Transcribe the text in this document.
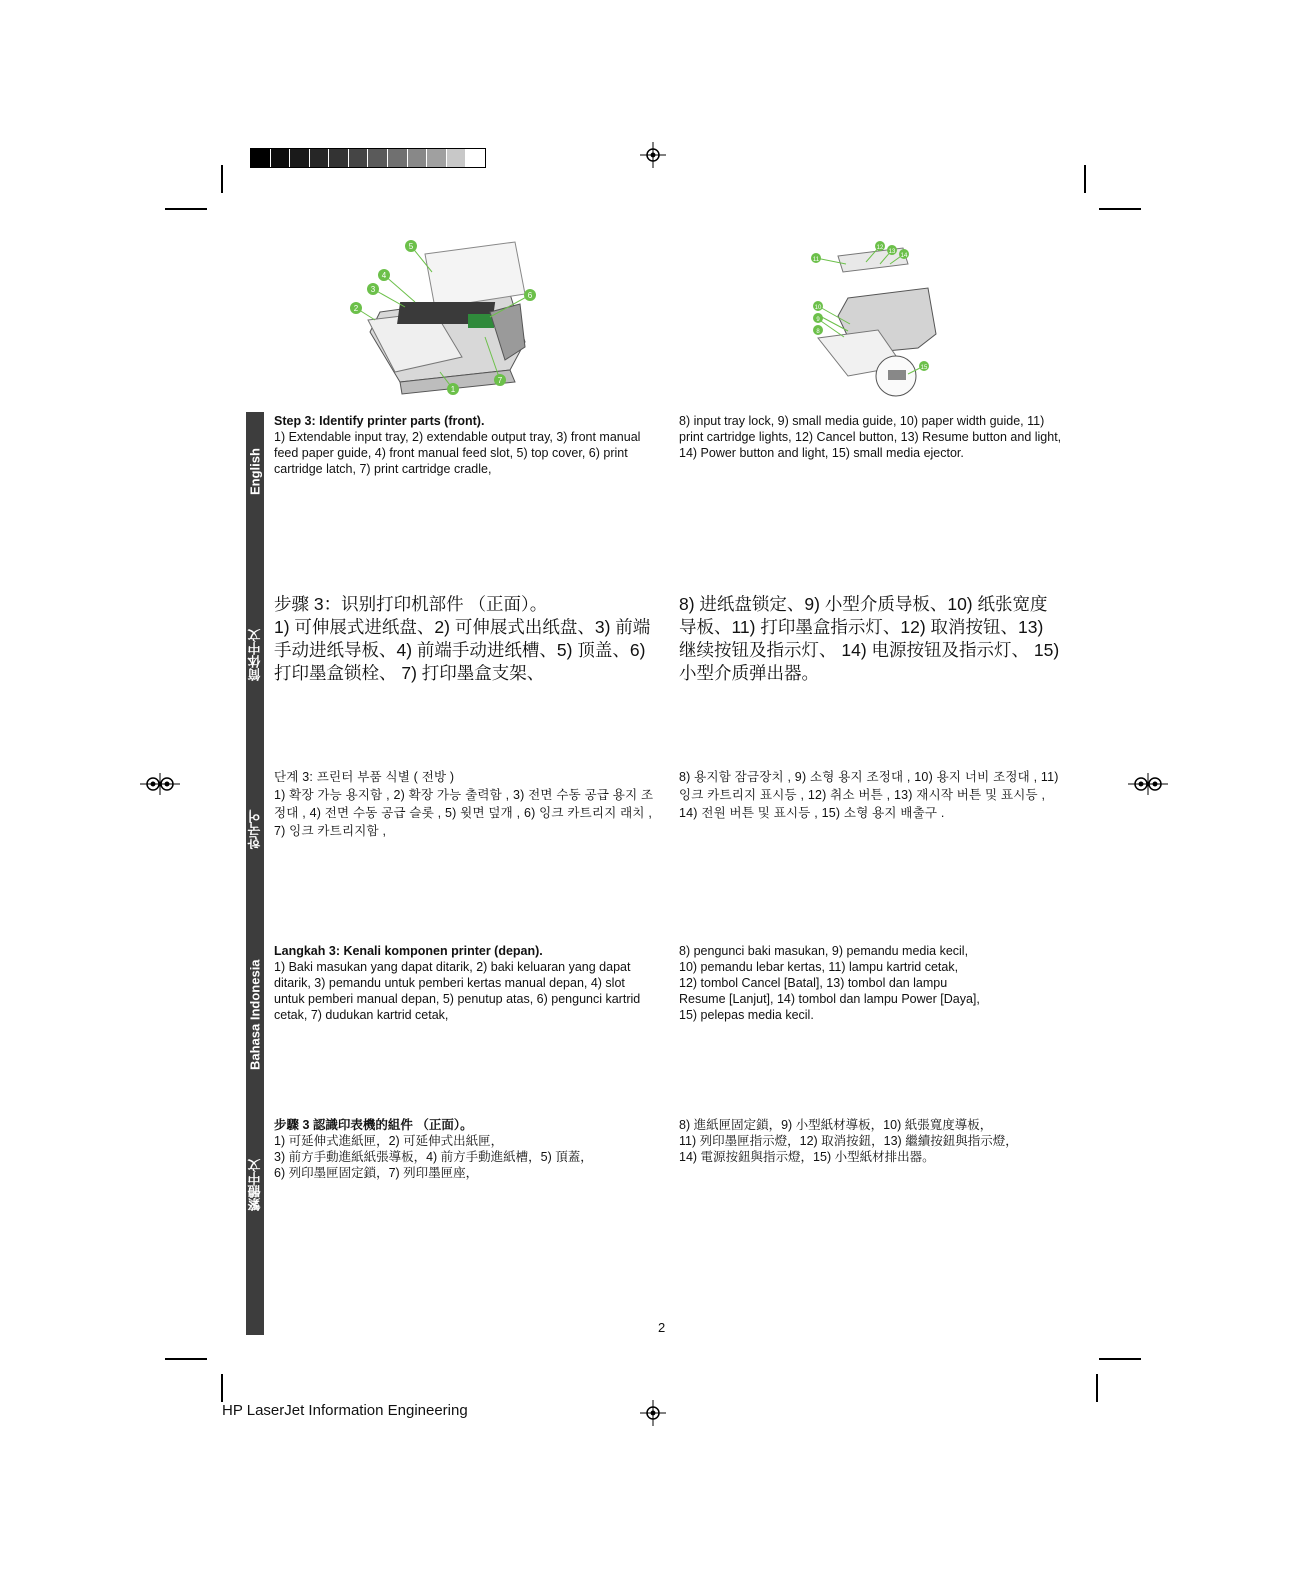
1
2
3
4
5
6
7
8
9
10
11
12
13
14
15
English
简体中文
한국어
Bahasa Indonesia
繁體中文
Step 3: Identify printer parts (front).
1) Extendable input tray, 2) extendable output tray, 3) front manual feed paper guide, 4) front manual feed slot, 5) top cover, 6) print cartridge latch, 7) print cartridge cradle,
8) input tray lock, 9) small media guide, 10) paper width guide, 11) print cartridge lights, 12) Cancel button, 13) Resume button and light, 14) Power button and light, 15) small media ejector.
步骤 3：识别打印机部件 （正面）。
1) 可伸展式进纸盘、2) 可伸展式出纸盘、3) 前端手动进纸导板、4) 前端手动进纸槽、5) 顶盖、6) 打印墨盒锁栓、 7) 打印墨盒支架、
8) 进纸盘锁定、9) 小型介质导板、10) 纸张宽度导板、11) 打印墨盒指示灯、12) 取消按钮、13) 继续按钮及指示灯、 14) 电源按钮及指示灯、 15) 小型介质弹出器。
단계 3: 프린터 부품 식별 ( 전방 )
1) 확장 가능 용지함 , 2) 확장 가능 출력함 , 3) 전면 수동 공급 용지 조정대 , 4) 전면 수동 공급 슬롯 , 5) 윗면 덮개 , 6) 잉크 카트리지 래치 , 7) 잉크 카트리지함 ,
8) 용지함 잠금장치 , 9) 소형 용지 조정대 , 10) 용지 너비 조정대 , 11) 잉크 카트리지 표시등 , 12) 취소 버튼 , 13) 재시작 버튼 및 표시등 , 14) 전원 버튼 및 표시등 , 15) 소형 용지 배출구 .
Langkah 3: Kenali komponen printer (depan).
1) Baki masukan yang dapat ditarik, 2) baki keluaran yang dapat ditarik, 3) pemandu untuk pemberi kertas manual depan, 4) slot untuk pemberi manual depan, 5) penutup atas, 6) pengunci kartrid cetak, 7) dudukan kartrid cetak,
8) pengunci baki masukan, 9) pemandu media kecil,
10) pemandu lebar kertas, 11) lampu kartrid cetak,
12) tombol Cancel [Batal], 13) tombol dan lampu
Resume [Lanjut], 14) tombol dan lampu Power [Daya],
15) pelepas media kecil.
步驟 3 認識印表機的組件 （正面）。
1) 可延伸式進紙匣，2) 可延伸式出紙匣，
3) 前方手動進紙紙張導板，4) 前方手動進紙槽，5) 頂蓋，
6) 列印墨匣固定鎖，7) 列印墨匣座，
8) 進紙匣固定鎖，9) 小型紙材導板，10) 紙張寬度導板，
11) 列印墨匣指示燈，12) 取消按鈕，13) 繼續按鈕與指示燈，
14) 電源按鈕與指示燈，15) 小型紙材排出器。
2
HP LaserJet Information Engineering
